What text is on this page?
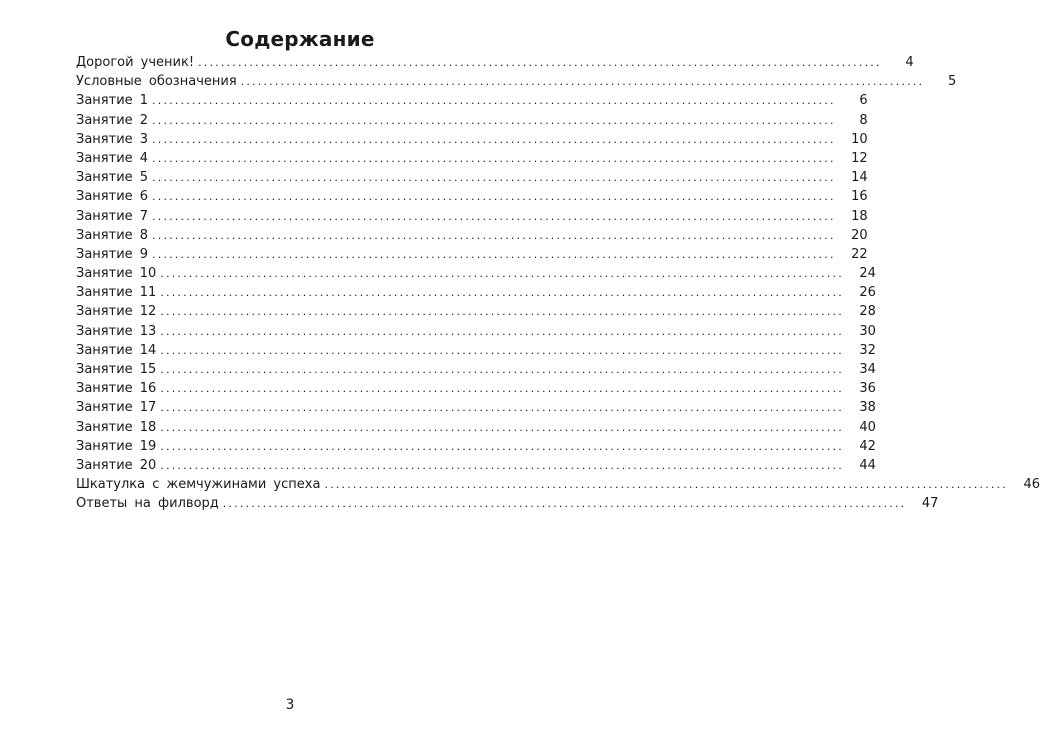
Содержание
Дорогой ученик! ........................................................................................................................	4
Условные обозначения ........................................................................................................................	5
Занятие 1 ........................................................................................................................	6
Занятие 2 ........................................................................................................................	8
Занятие 3 ........................................................................................................................	10
Занятие 4 ........................................................................................................................	12
Занятие 5 ........................................................................................................................	14
Занятие 6 ........................................................................................................................	16
Занятие 7 ........................................................................................................................	18
Занятие 8 ........................................................................................................................	20
Занятие 9 ........................................................................................................................	22
Занятие 10 ........................................................................................................................	24
Занятие 11 ........................................................................................................................	26
Занятие 12 ........................................................................................................................	28
Занятие 13 ........................................................................................................................	30
Занятие 14 ........................................................................................................................	32
Занятие 15 ........................................................................................................................	34
Занятие 16 ........................................................................................................................	36
Занятие 17 ........................................................................................................................	38
Занятие 18 ........................................................................................................................	40
Занятие 19 ........................................................................................................................	42
Занятие 20 ........................................................................................................................	44
Шкатулка с жемчужинами успеха ........................................................................................................................	46
Ответы на филворд ........................................................................................................................	47
3
